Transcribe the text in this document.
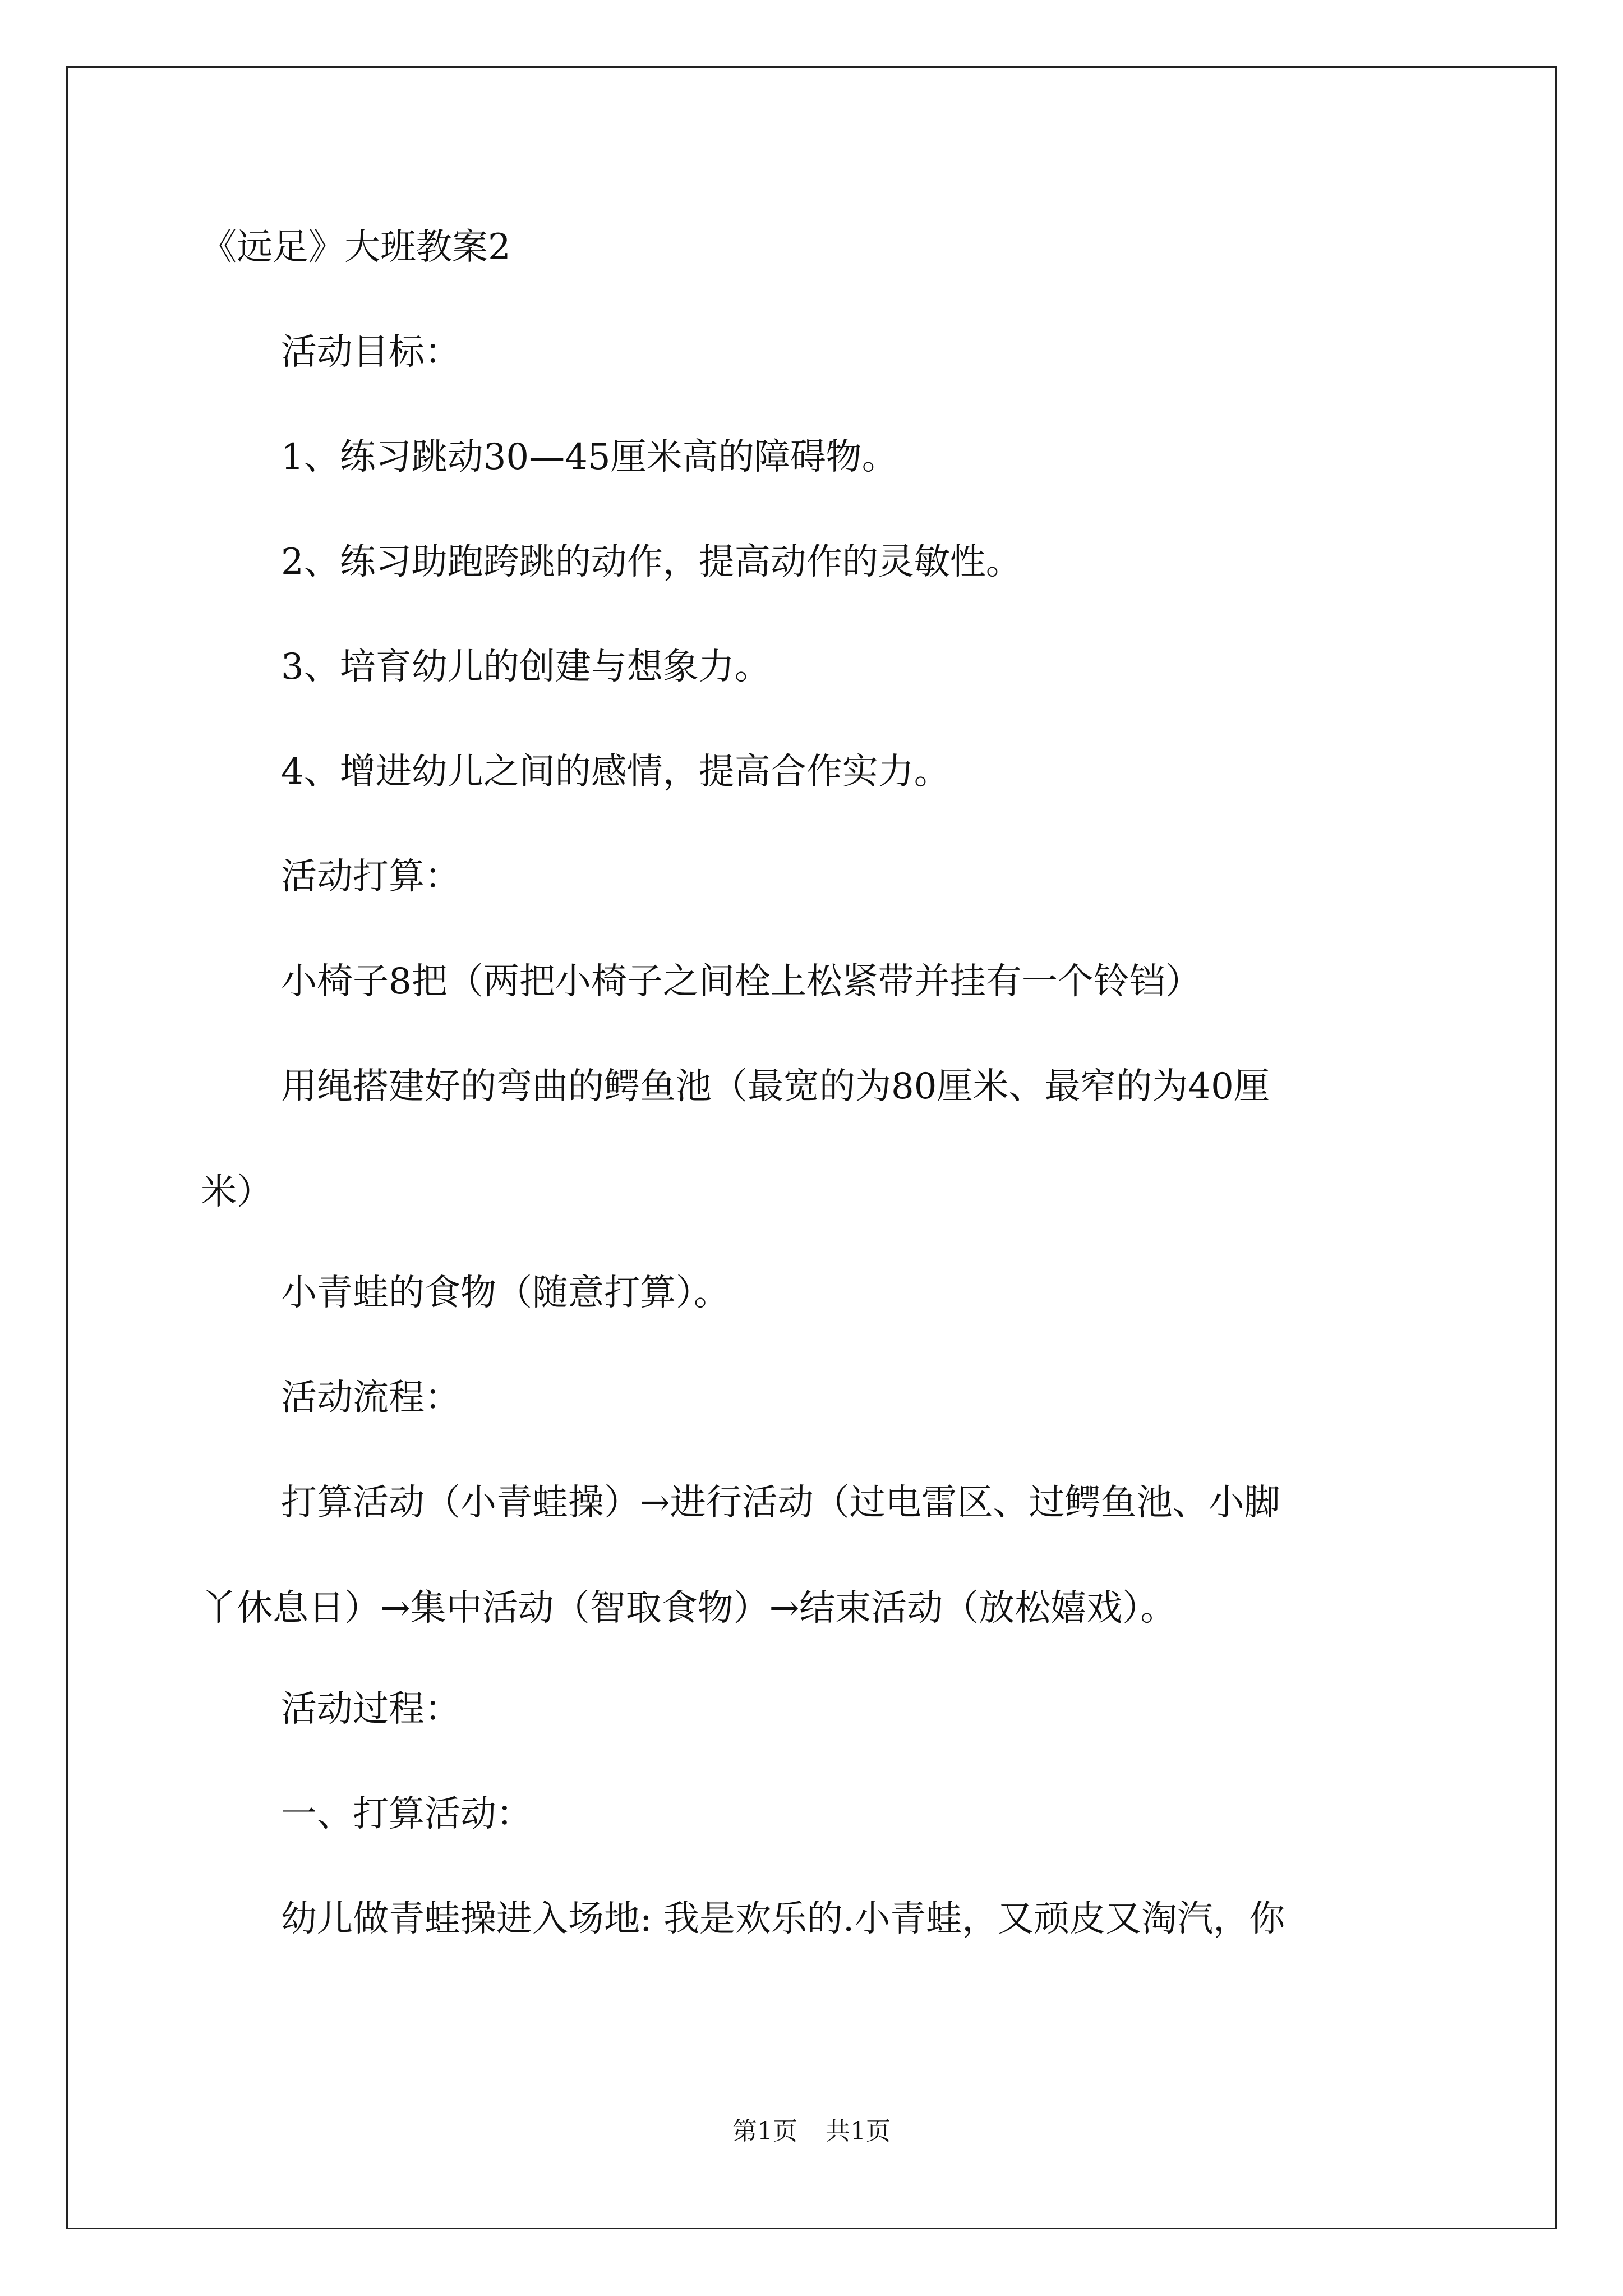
《远足》大班教案2

活动目标：

1、练习跳动30—45厘米高的障碍物。

2、练习助跑跨跳的动作，提高动作的灵敏性。

3、培育幼儿的创建与想象力。

4、增进幼儿之间的感情，提高合作实力。

活动打算：

小椅子8把（两把小椅子之间栓上松紧带并挂有一个铃铛）

用绳搭建好的弯曲的鳄鱼池（最宽的为80厘米、最窄的为40厘
米）

小青蛙的食物（随意打算）。

活动流程：

打算活动（小青蛙操）→进行活动（过电雷区、过鳄鱼池、小脚
丫休息日）→集中活动（智取食物）→结束活动（放松嬉戏）。

活动过程：

一、打算活动：

幼儿做青蛙操进入场地: 我是欢乐的.小青蛙，又顽皮又淘汽，你

第1页 共1页
